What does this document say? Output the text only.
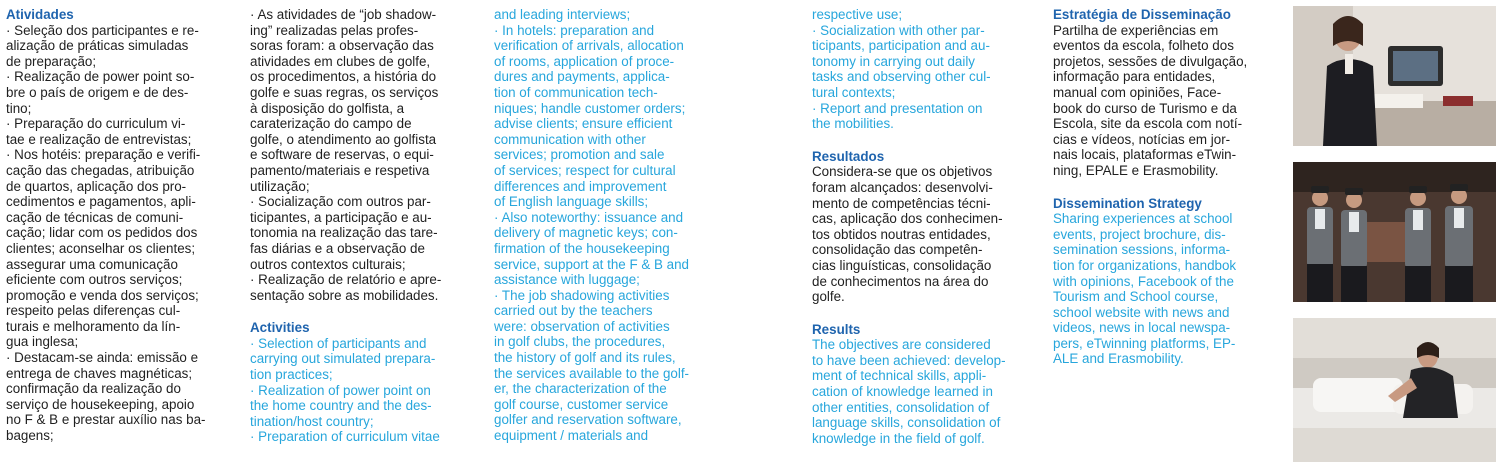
Atividades

· Seleção dos participantes e re-

alização de práticas simuladas

de preparação;

· Realização de power point so-

bre o país de origem e de des-

tino;

· Preparação do curriculum vi-

tae e realização de entrevistas;

· Nos hotéis: preparação e verifi-

cação das chegadas, atribuição

de quartos, aplicação dos pro-

cedimentos e pagamentos, apli-

cação de técnicas de comuni-

cação; lidar com os pedidos dos

clientes; aconselhar os clientes;

assegurar uma comunicação

eficiente com outros serviços;

promoção e venda dos serviços;

respeito pelas diferenças cul-

turais e melhoramento da lín-

gua inglesa;

· Destacam-se ainda: emissão e

entrega de chaves magnéticas;

confirmação da realização do

serviço de housekeeping, apoio

no F & B e prestar auxílio nas ba-

bagens;

· As atividades de “job shadow-

ing” realizadas pelas profes-

soras foram: a observação das

atividades em clubes de golfe,

os procedimentos, a história do

golfe e suas regras, os serviços

à disposição do golfista, a

caraterização do campo de

golfe, o atendimento ao golfista

e software de reservas, o equi-

pamento/materiais e respetiva

utilização;

· Socialização com outros par-

ticipantes, a participação e au-

tonomia na realização das tare-

fas diárias e a observação de

outros contextos culturais;

· Realização de relatório e apre-

sentação sobre as mobilidades.

Activities

· Selection of participants and

carrying out simulated prepara-

tion practices;

· Realization of power point on

the home country and the des-

tination/host country;

· Preparation of curriculum vitae

and leading interviews;

· In hotels: preparation and

verification of arrivals, allocation

of rooms, application of proce-

dures and payments, applica-

tion of communication tech-

niques; handle customer orders;

advise clients; ensure efficient

communication with other

services; promotion and sale

of services; respect for cultural

differences and improvement

of English language skills;

· Also noteworthy: issuance and

delivery of magnetic keys; con-

firmation of the housekeeping

service, support at the F & B and

assistance with luggage;

· The job shadowing activities

carried out by the teachers

were: observation of activities

in golf clubs, the procedures,

the history of golf and its rules,

the services available to the golf-

er, the characterization of the

golf course, customer service

golfer and reservation software,

equipment / materials and

respective use;

· Socialization with other par-

ticipants, participation and au-

tonomy in carrying out daily

tasks and observing other cul-

tural contexts;

· Report and presentation on

the mobilities.

Resultados

Considera-se que os objetivos

foram alcançados: desenvolvi-

mento de competências técni-

cas, aplicação dos conhecimen-

tos obtidos noutras entidades,

consolidação das competên-

cias linguísticas, consolidação

de conhecimentos na área do

golfe.

Results

The objectives are considered

to have been achieved: develop-

ment of technical skills, appli-

cation of knowledge learned in

other entities, consolidation of

language skills, consolidation of

knowledge in the field of golf.

Estratégia de Disseminação

Partilha de experiências em

eventos da escola, folheto dos

projetos, sessões de divulgação,

informação para entidades,

manual com opiniões, Face-

book do curso de Turismo e da

Escola, site da escola com notí-

cias e vídeos, notícias em jor-

nais locais, plataformas eTwin-

ning, EPALE e Erasmobility.

Dissemination Strategy

Sharing experiences at school

events, project brochure, dis-

semination sessions, informa-

tion for organizations, handbok

with opinions, Facebook of the

Tourism and School course,

school website with news and

videos, news in local newspa-

pers, eTwinning platforms, EP-

ALE and Erasmobility.
